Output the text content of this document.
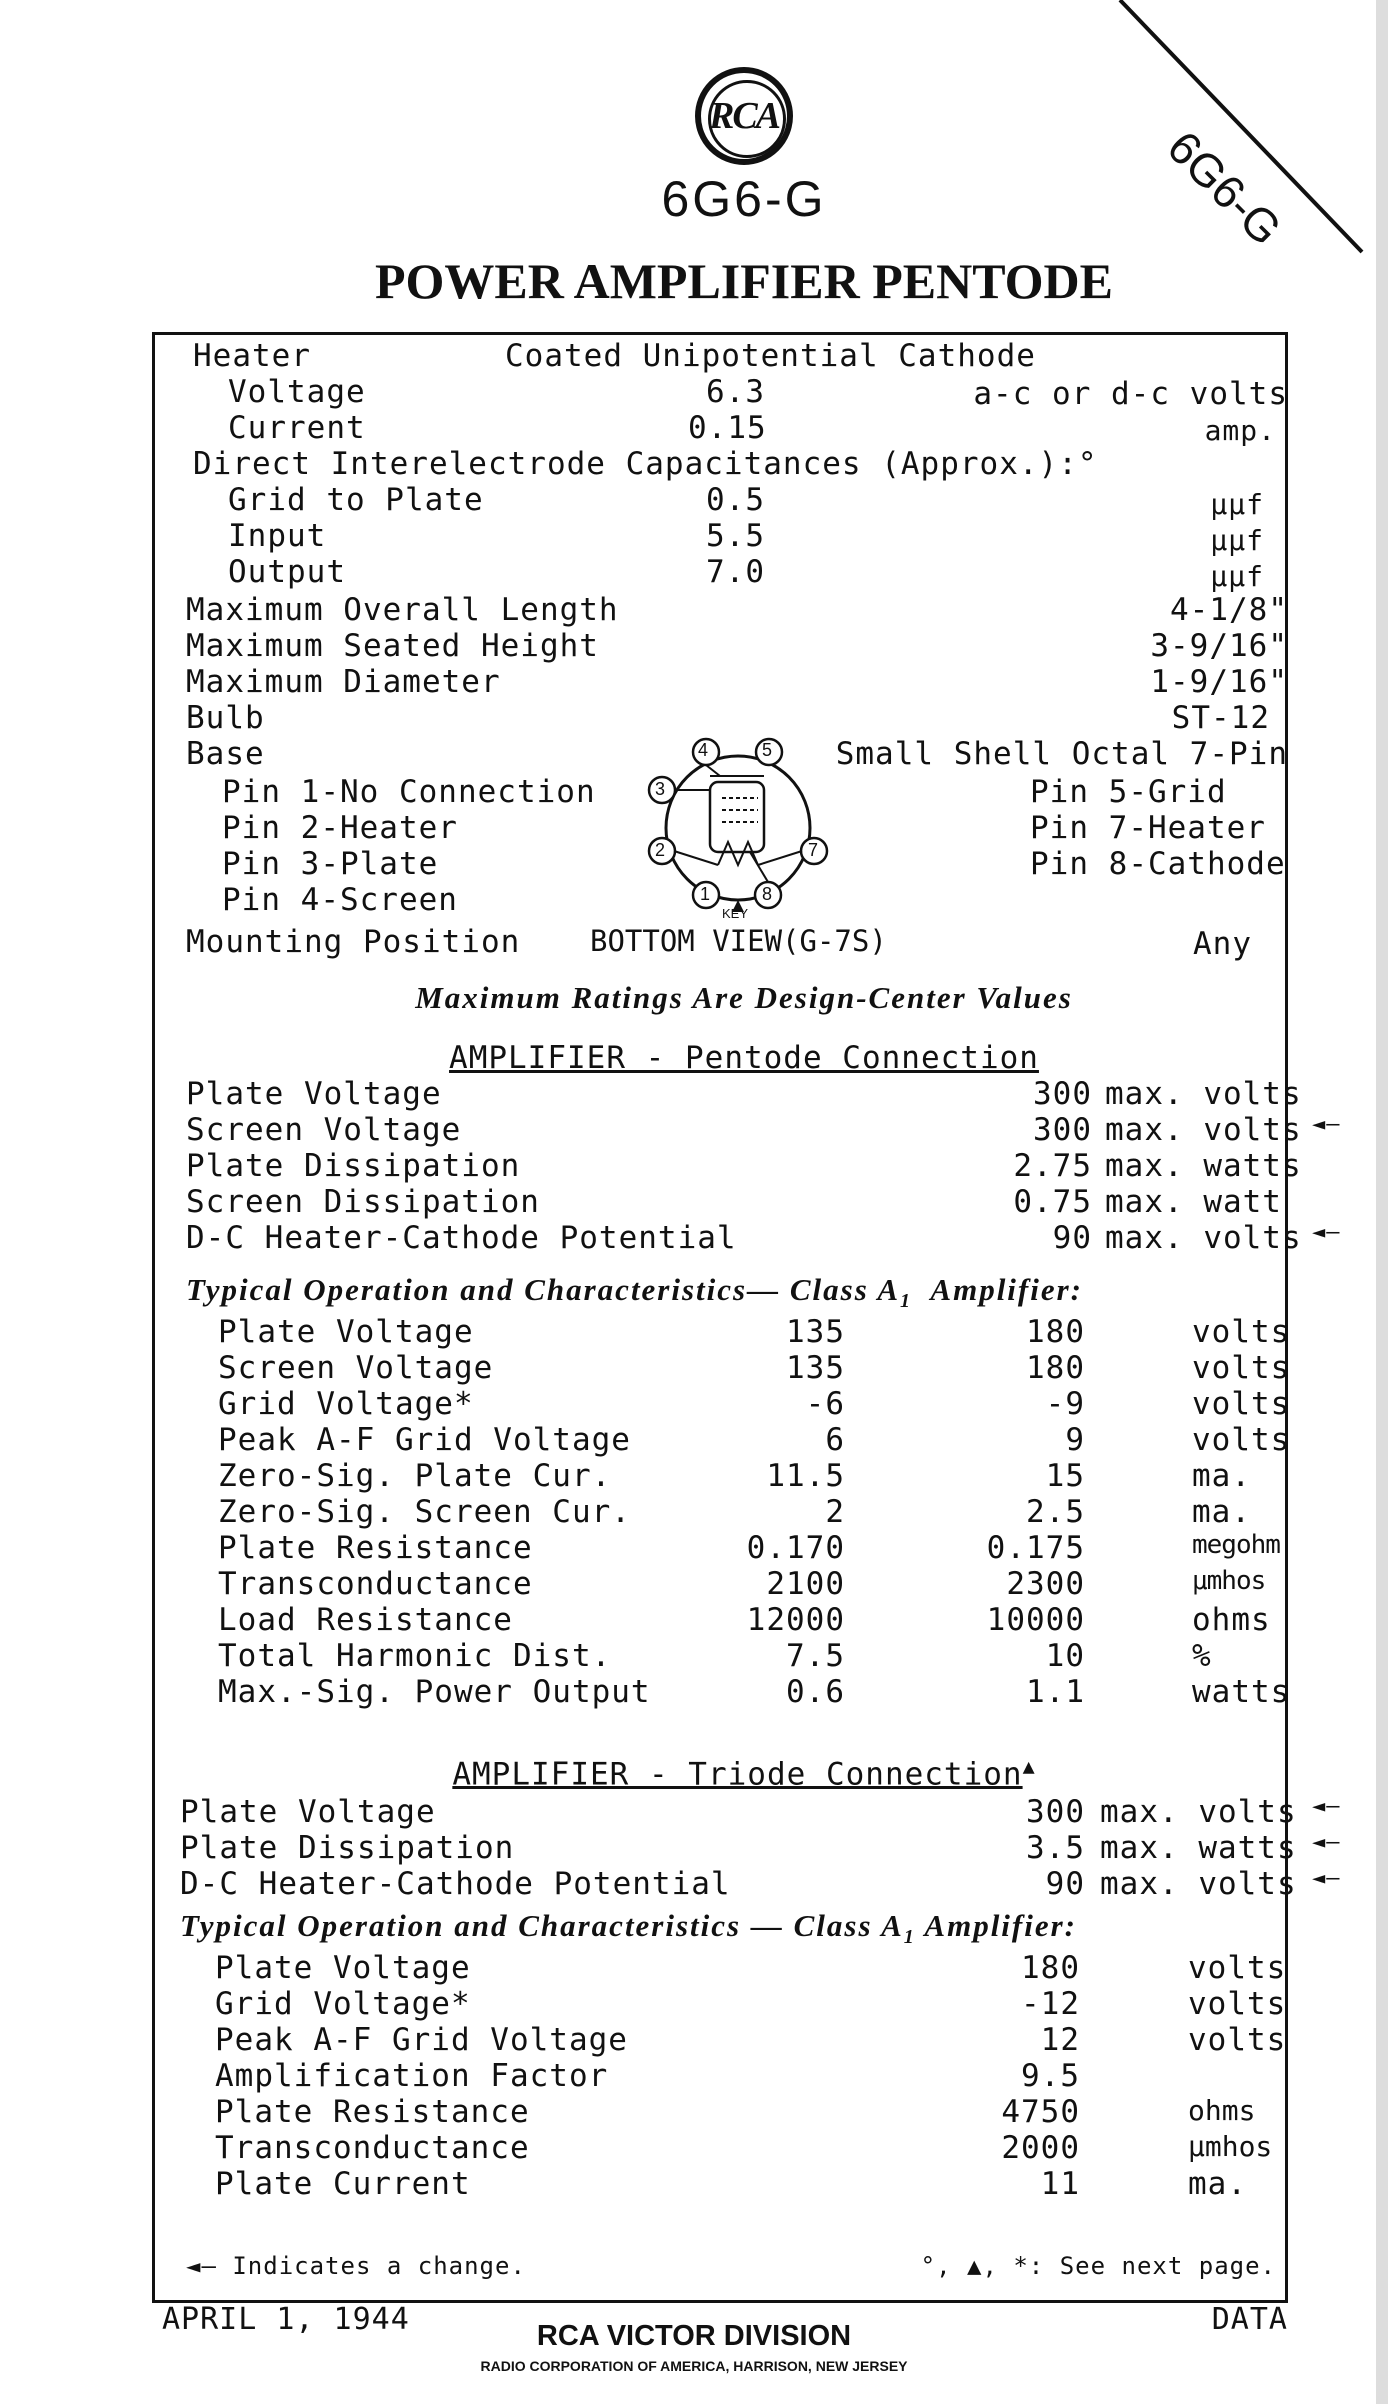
6G6-G
RCA
6G6-G
POWER AMPLIFIER PENTODE
Heater	Coated Unipotential Cathode
Voltage	6.3	a-c or d-c volts
Current	0.15	amp.
Direct Interelectrode Capacitances (Approx.):°
Grid to Plate	0.5	μμf
Input	5.5	μμf
Output	7.0	μμf
Maximum Overall Length	4-1/8"
Maximum Seated Height	3-9/16"
Maximum Diameter	1-9/16"
Bulb	ST-12
Base	Small Shell Octal 7-Pin
Pin 1-No Connection
Pin 2-Heater
Pin 3-Plate
Pin 4-Screen
Pin 5-Grid
Pin 7-Heater
Pin 8-Cathode
4	5
3
2	7
1	8
KEY
Mounting Position BOTTOM VIEW(G-7S)	Any
Maximum Ratings Are Design-Center Values
AMPLIFIER - Pentode Connection
Plate Voltage	300 max. volts
Screen Voltage	300 max. volts ◄—
Plate Dissipation	2.75 max. watts
Screen Dissipation	0.75 max. watt
D-C Heater-Cathode Potential	90 max. volts ◄—
Typical Operation and Characteristics— Class $A_1$ Amplifier:
Plate Voltage	135	180	volts
Screen Voltage	135	180	volts
Grid Voltage*	-6	-9	volts
Peak A-F Grid Voltage	6	9	volts
Zero-Sig. Plate Cur.	11.5	15	ma.
Zero-Sig. Screen Cur.	2	2.5	ma.
Plate Resistance	0.170	0.175	megohm
Transconductance	2100	2300	μmhos
Load Resistance	12000	10000	ohms
Total Harmonic Dist.	7.5	10	%
Max.-Sig. Power Output	0.6	1.1	watts
AMPLIFIER - Triode Connection▲
Plate Voltage	300 max. volts ◄—
Plate Dissipation	3.5 max. watts ◄—
D-C Heater-Cathode Potential	90 max. volts ◄—
Typical Operation and Characteristics — Class $A_1$ Amplifier:
Plate Voltage	180	volts
Grid Voltage*	-12	volts
Peak A-F Grid Voltage	12	volts
Amplification Factor	9.5
Plate Resistance	4750	ohms
Transconductance	2000	μmhos
Plate Current	11	ma.
◄— Indicates a change.	°, ▲, *: See next page.
APRIL 1, 1944	RCA VICTOR DIVISION
RADIO CORPORATION OF AMERICA, HARRISON, NEW JERSEY
DATA
